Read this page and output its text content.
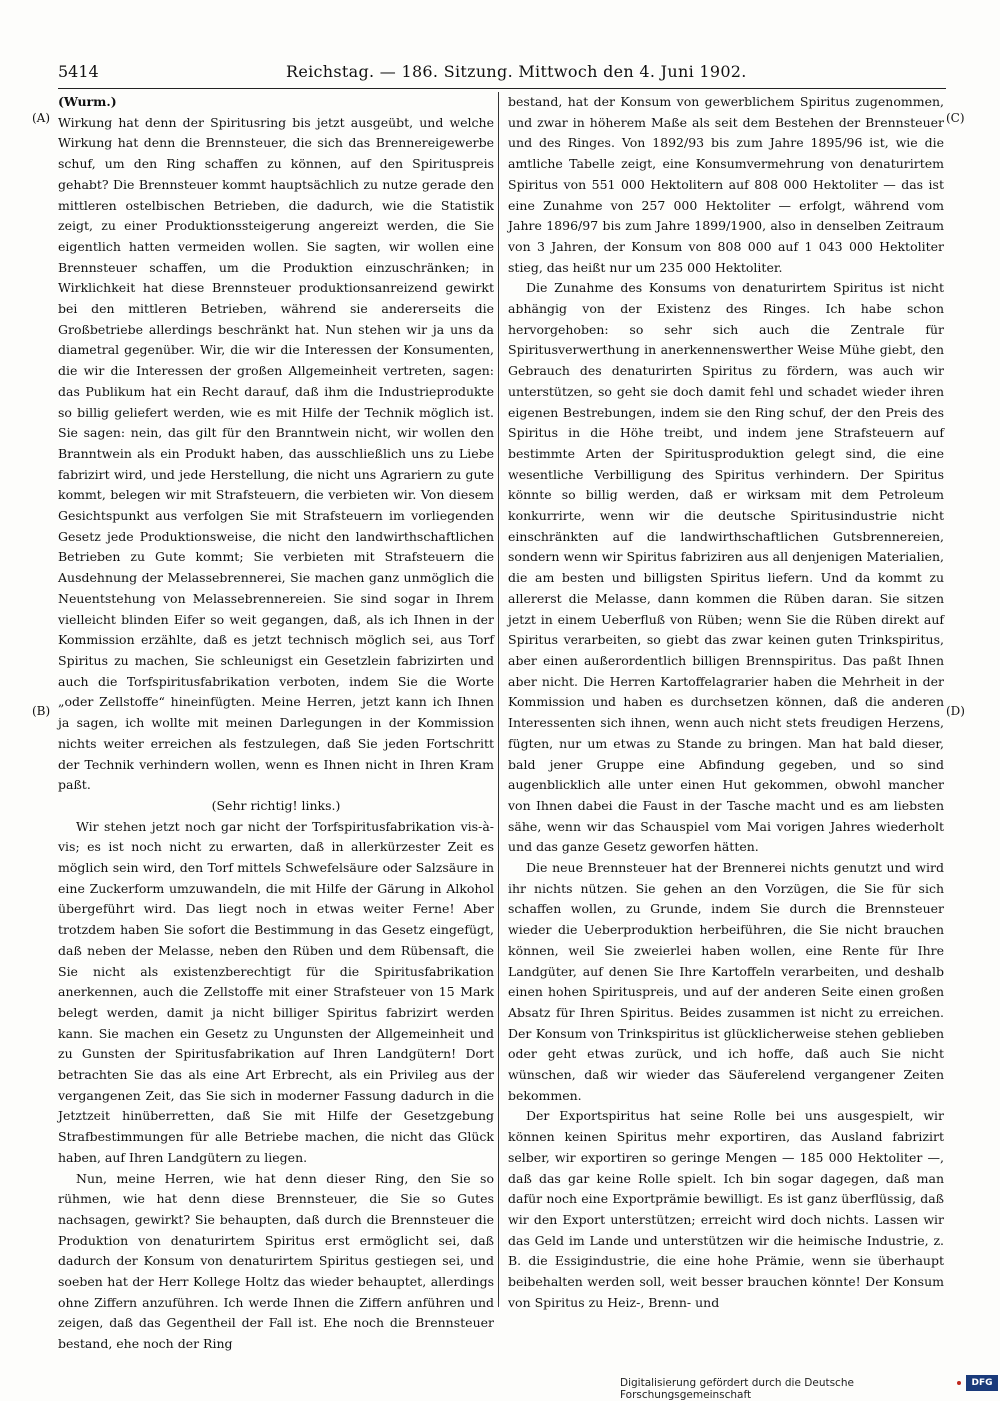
5414	Reichstag. — 186. Sitzung. Mittwoch den 4. Juni 1902.
(A)
(B)
(C)
(D)

(Wurm.)

Wirkung hat denn der Spiritusring bis jetzt ausgeübt, und welche Wirkung hat denn die Brennsteuer, die sich das Brennereigewerbe schuf, um den Ring schaffen zu können, auf den Spirituspreis gehabt? Die Brennsteuer kommt hauptsächlich zu nutze gerade den mittleren ostelbischen Betrieben, die dadurch, wie die Statistik zeigt, zu einer Produktionssteigerung angereizt werden, die Sie eigentlich hatten vermeiden wollen. Sie sagten, wir wollen eine Brennsteuer schaffen, um die Produktion einzuschränken; in Wirklichkeit hat diese Brennsteuer produktionsanreizend gewirkt bei den mittleren Betrieben, während sie andererseits die Großbetriebe allerdings beschränkt hat. Nun stehen wir ja uns da diametral gegenüber. Wir, die wir die Interessen der Konsumenten, die wir die Interessen der großen Allgemeinheit vertreten, sagen: das Publikum hat ein Recht darauf, daß ihm die Industrieprodukte so billig geliefert werden, wie es mit Hilfe der Technik möglich ist. Sie sagen: nein, das gilt für den Branntwein nicht, wir wollen den Branntwein als ein Produkt haben, das ausschließlich uns zu Liebe fabrizirt wird, und jede Herstellung, die nicht uns Agrariern zu gute kommt, belegen wir mit Strafsteuern, die verbieten wir. Von diesem Gesichtspunkt aus verfolgen Sie mit Strafsteuern im vorliegenden Gesetz jede Produktionsweise, die nicht den landwirthschaftlichen Betrieben zu Gute kommt; Sie verbieten mit Strafsteuern die Ausdehnung der Melassebrennerei, Sie machen ganz unmöglich die Neuentstehung von Melassebrennereien. Sie sind sogar in Ihrem vielleicht blinden Eifer so weit gegangen, daß, als ich Ihnen in der Kommission erzählte, daß es jetzt technisch möglich sei, aus Torf Spiritus zu machen, Sie schleunigst ein Gesetzlein fabrizirten und auch die Torfspiritusfabrikation verboten, indem Sie die Worte „oder Zellstoffe“ hineinfügten. Meine Herren, jetzt kann ich Ihnen ja sagen, ich wollte mit meinen Darlegungen in der Kommission nichts weiter erreichen als festzulegen, daß Sie jeden Fortschritt der Technik verhindern wollen, wenn es Ihnen nicht in Ihren Kram paßt.

(Sehr richtig! links.)

Wir stehen jetzt noch gar nicht der Torfspiritusfabrikation vis-à-vis; es ist noch nicht zu erwarten, daß in allerkürzester Zeit es möglich sein wird, den Torf mittels Schwefelsäure oder Salzsäure in eine Zuckerform umzuwandeln, die mit Hilfe der Gärung in Alkohol übergeführt wird. Das liegt noch in etwas weiter Ferne! Aber trotzdem haben Sie sofort die Bestimmung in das Gesetz eingefügt, daß neben der Melasse, neben den Rüben und dem Rübensaft, die Sie nicht als existenzberechtigt für die Spiritusfabrikation anerkennen, auch die Zellstoffe mit einer Strafsteuer von 15 Mark belegt werden, damit ja nicht billiger Spiritus fabrizirt werden kann. Sie machen ein Gesetz zu Ungunsten der Allgemeinheit und zu Gunsten der Spiritusfabrikation auf Ihren Landgütern! Dort betrachten Sie das als eine Art Erbrecht, als ein Privileg aus der vergangenen Zeit, das Sie sich in moderner Fassung dadurch in die Jetztzeit hinüberretten, daß Sie mit Hilfe der Gesetzgebung Strafbestimmungen für alle Betriebe machen, die nicht das Glück haben, auf Ihren Landgütern zu liegen.

Nun, meine Herren, wie hat denn dieser Ring, den Sie so rühmen, wie hat denn diese Brennsteuer, die Sie so Gutes nachsagen, gewirkt? Sie behaupten, daß durch die Brennsteuer die Produktion von denaturirtem Spiritus erst ermöglicht sei, daß dadurch der Konsum von denaturirtem Spiritus gestiegen sei, und soeben hat der Herr Kollege Holtz das wieder behauptet, allerdings ohne Ziffern anzuführen. Ich werde Ihnen die Ziffern anführen und zeigen, daß das Gegentheil der Fall ist. Ehe noch die Brennsteuer bestand, ehe noch der Ring

bestand, hat der Konsum von gewerblichem Spiritus zugenommen, und zwar in höherem Maße als seit dem Bestehen der Brennsteuer und des Ringes. Von 1892/93 bis zum Jahre 1895/96 ist, wie die amtliche Tabelle zeigt, eine Konsumvermehrung von denaturirtem Spiritus von 551 000 Hektolitern auf 808 000 Hektoliter — das ist eine Zunahme von 257 000 Hektoliter — erfolgt, während vom Jahre 1896/97 bis zum Jahre 1899/1900, also in denselben Zeitraum von 3 Jahren, der Konsum von 808 000 auf 1 043 000 Hektoliter stieg, das heißt nur um 235 000 Hektoliter.

Die Zunahme des Konsums von denaturirtem Spiritus ist nicht abhängig von der Existenz des Ringes. Ich habe schon hervorgehoben: so sehr sich auch die Zentrale für Spiritusverwerthung in anerkennenswerther Weise Mühe giebt, den Gebrauch des denaturirten Spiritus zu fördern, was auch wir unterstützen, so geht sie doch damit fehl und schadet wieder ihren eigenen Bestrebungen, indem sie den Ring schuf, der den Preis des Spiritus in die Höhe treibt, und indem jene Strafsteuern auf bestimmte Arten der Spiritusproduktion gelegt sind, die eine wesentliche Verbilligung des Spiritus verhindern. Der Spiritus könnte so billig werden, daß er wirksam mit dem Petroleum konkurrirte, wenn wir die deutsche Spiritusindustrie nicht einschränkten auf die landwirthschaftlichen Gutsbrennereien, sondern wenn wir Spiritus fabriziren aus all denjenigen Materialien, die am besten und billigsten Spiritus liefern. Und da kommt zu allererst die Melasse, dann kommen die Rüben daran. Sie sitzen jetzt in einem Ueberfluß von Rüben; wenn Sie die Rüben direkt auf Spiritus verarbeiten, so giebt das zwar keinen guten Trinkspiritus, aber einen außerordentlich billigen Brennspiritus. Das paßt Ihnen aber nicht. Die Herren Kartoffelagrarier haben die Mehrheit in der Kommission und haben es durchsetzen können, daß die anderen Interessenten sich ihnen, wenn auch nicht stets freudigen Herzens, fügten, nur um etwas zu Stande zu bringen. Man hat bald dieser, bald jener Gruppe eine Abfindung gegeben, und so sind augenblicklich alle unter einen Hut gekommen, obwohl mancher von Ihnen dabei die Faust in der Tasche macht und es am liebsten sähe, wenn wir das Schauspiel vom Mai vorigen Jahres wiederholt und das ganze Gesetz geworfen hätten.

Die neue Brennsteuer hat der Brennerei nichts genutzt und wird ihr nichts nützen. Sie gehen an den Vorzügen, die Sie für sich schaffen wollen, zu Grunde, indem Sie durch die Brennsteuer wieder die Ueberproduktion herbeiführen, die Sie nicht brauchen können, weil Sie zweierlei haben wollen, eine Rente für Ihre Landgüter, auf denen Sie Ihre Kartoffeln verarbeiten, und deshalb einen hohen Spirituspreis, und auf der anderen Seite einen großen Absatz für Ihren Spiritus. Beides zusammen ist nicht zu erreichen. Der Konsum von Trinkspiritus ist glücklicherweise stehen geblieben oder geht etwas zurück, und ich hoffe, daß auch Sie nicht wünschen, daß wir wieder das Säuferelend vergangener Zeiten bekommen.

Der Exportspiritus hat seine Rolle bei uns ausgespielt, wir können keinen Spiritus mehr exportiren, das Ausland fabrizirt selber, wir exportiren so geringe Mengen — 185 000 Hektoliter —, daß das gar keine Rolle spielt. Ich bin sogar dagegen, daß man dafür noch eine Exportprämie bewilligt. Es ist ganz überflüssig, daß wir den Export unterstützen; erreicht wird doch nichts. Lassen wir das Geld im Lande und unterstützen wir die heimische Industrie, z. B. die Essigindustrie, die eine hohe Prämie, wenn sie überhaupt beibehalten werden soll, weit besser brauchen könnte! Der Konsum von Spiritus zu Heiz-, Brenn- und

Digitalisierung gefördert durch die Deutsche Forschungsgemeinschaft
DFG
